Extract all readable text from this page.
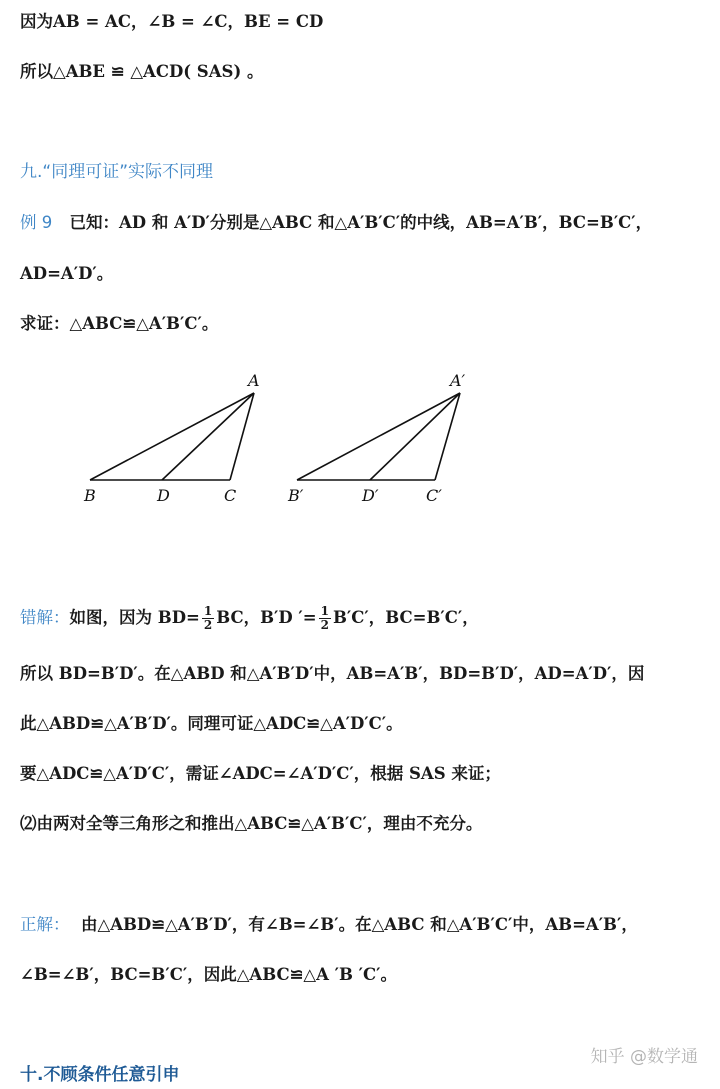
因为AB = AC，∠B = ∠C，BE = CD
所以△ABE ≌ △ACD( SAS) 。
九.“同理可证”实际不同理
例 9 已知：AD 和 A′D′分别是△ABC 和△A′B′C′的中线，AB=A′B′，BC=B′C′，
AD=A′D′。
求证：△ABC≌△A′B′C′。
A
B	D	C
A′
B′	D′	C′
错解：如图，因为 $BD= \frac{1}{2}$ BC，B′D ′= $\frac{1}{2} B'C'$，BC=B′C′，
所以 BD=B′D′。在△ABD 和△A′B′D′中，AB=A′B′，BD=B′D′，AD=A′D′，因
此△ABD≌△A′B′D′。同理可证△ADC≌△A′D′C′。
要△ADC≌△A′D′C′，需证∠ADC=∠A′D′C′，根据 SAS 来证；
⑵由两对全等三角形之和推出△ABC≌△A′B′C′，理由不充分。
正解： 由△ABD≌△A′B′D′，有∠B=∠B′。在△ABC 和△A′B′C′中，AB=A′B′，
∠B=∠B′，BC=B′C′，因此△ABC≌△A ′B ′C′。
十.不顾条件任意引申
知乎 @数学通
